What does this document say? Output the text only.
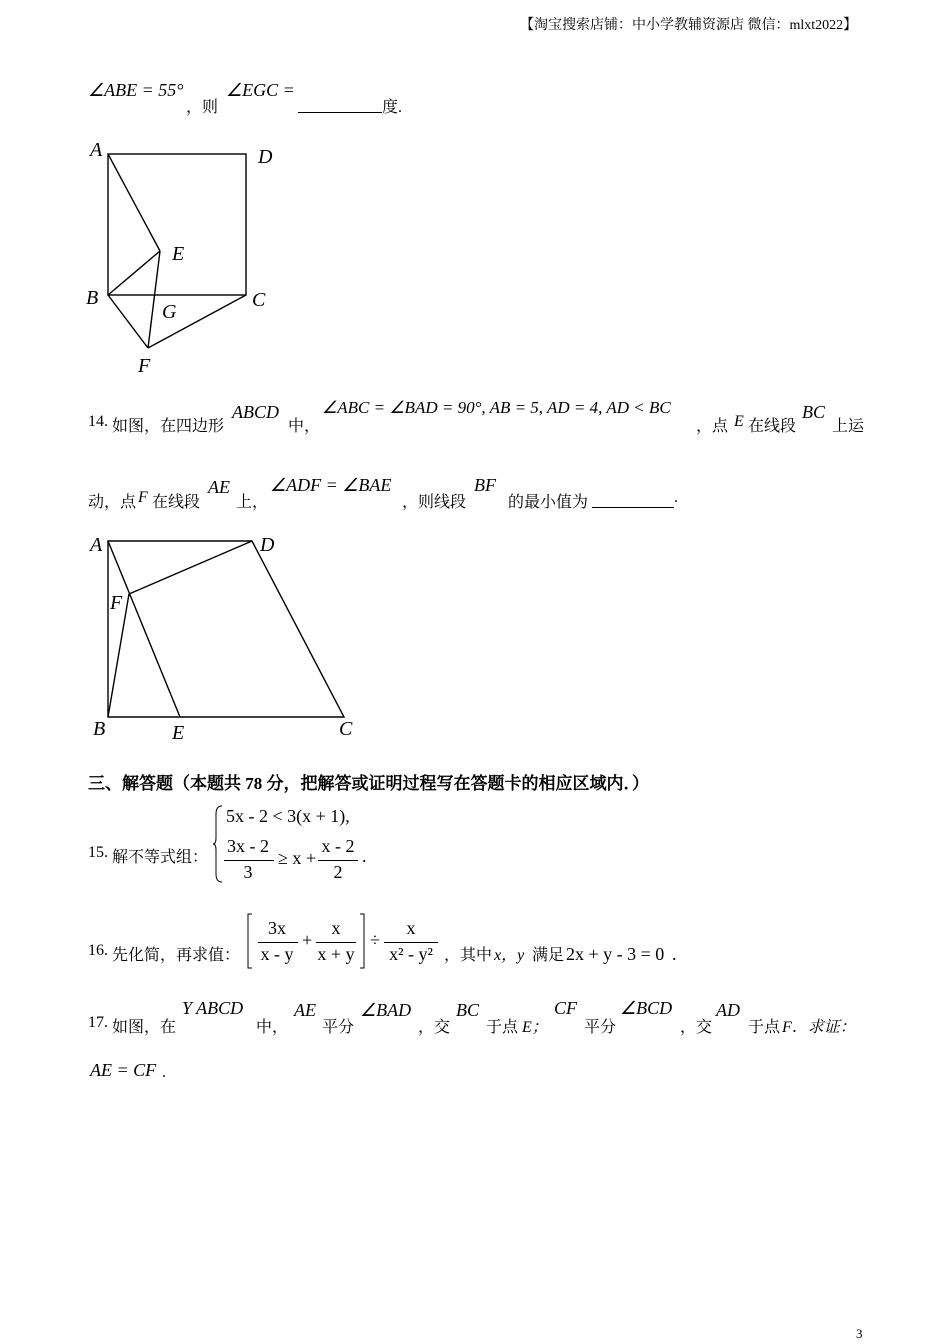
【淘宝搜索店铺：中小学教辅资源店 微信：mlxt2022】
∠ABE = 55°
，则
∠EGC =

度.
A	D
E
B	C
G
F
14. 如图，在四边形
ABCD
中，
∠ABC = ∠BAD = 90°, AB = 5, AD = 4, AD < BC
，点 E 在线段
BC
上运
动，点 F 在线段
AE
上，
∠ADF = ∠BAE
，则线段
BF
的最小值为
	.
A	D
F
B	E	C
三、解答题（本题共 78 分，把解答或证明过程写在答题卡的相应区域内．）
15. 解不等式组：
5x - 2 < 3(x + 1),
3x - 2
3
≥ x +
x - 2
2
.
16. 先化简，再求值：
3x
x - y
+
x
x + y
÷
x
x² - y² ，其中 x，y 满足 2x + y - 3 = 0 .
17. 如图，在
Y ABCD
中，
AE
平分
∠BAD
，交
BC
于点 E；
CF
平分
∠BCD
，交
AD
于点 F．求证：
AE = CF .
3
